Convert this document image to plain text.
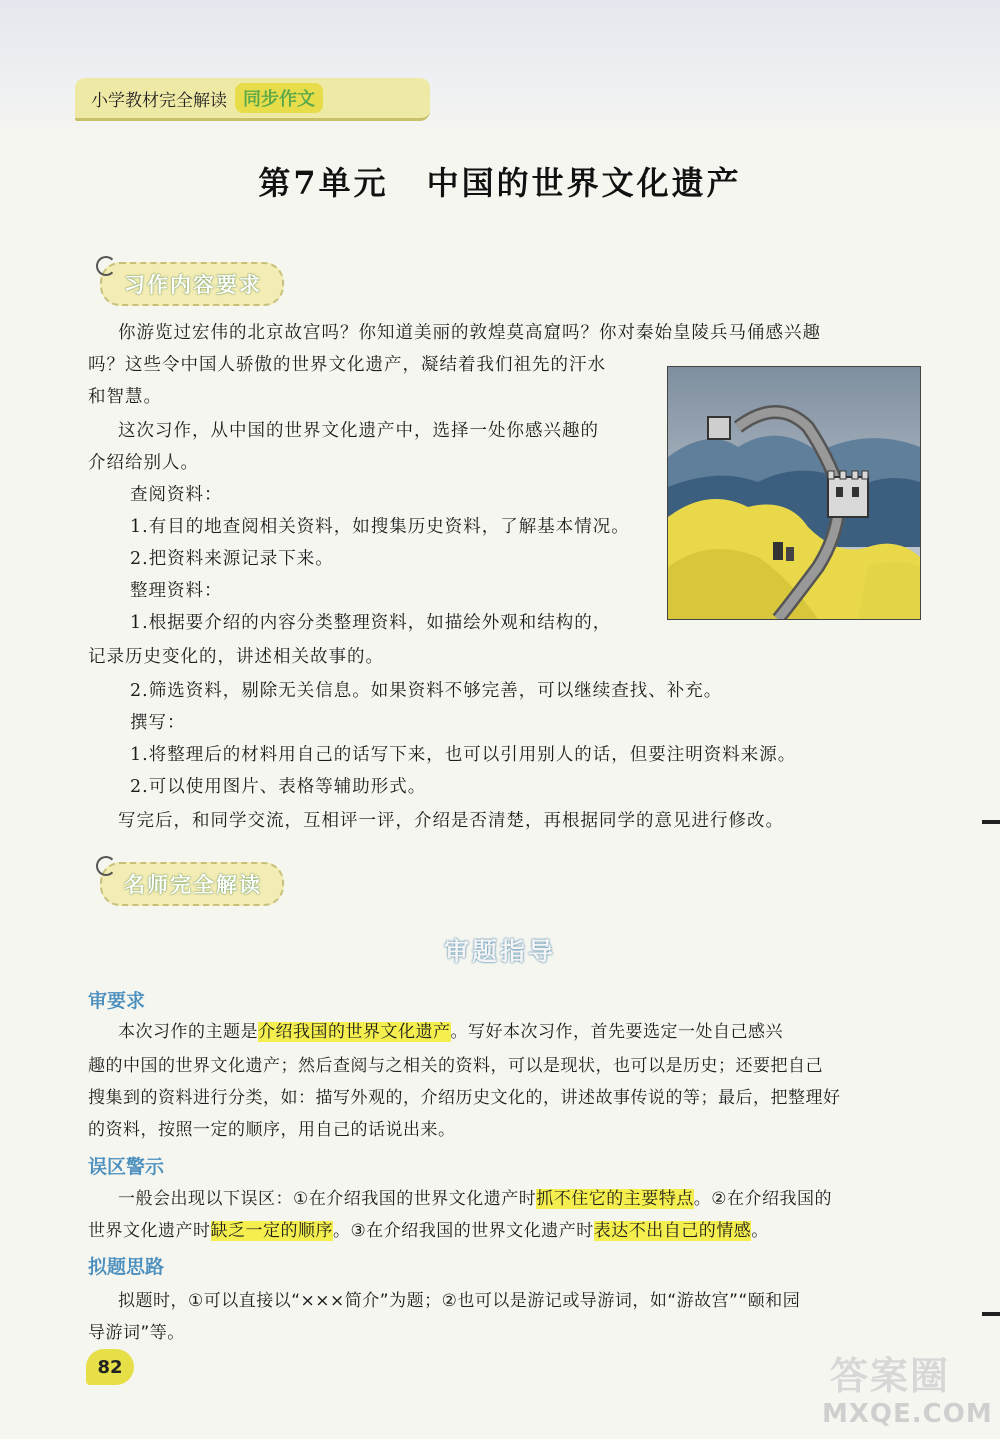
小学教材完全解读 同步作文
第7单元 中国的世界文化遗产
习作内容要求

你游览过宏伟的北京故宫吗？你知道美丽的敦煌莫高窟吗？你对秦始皇陵兵马俑感兴趣

吗？这些令中国人骄傲的世界文化遗产，凝结着我们祖先的汗水

和智慧。

这次习作，从中国的世界文化遗产中，选择一处你感兴趣的

介绍给别人。

查阅资料：

1.有目的地查阅相关资料，如搜集历史资料，了解基本情况。

2.把资料来源记录下来。

整理资料：

1.根据要介绍的内容分类整理资料，如描绘外观和结构的，

记录历史变化的，讲述相关故事的。

2.筛选资料，剔除无关信息。如果资料不够完善，可以继续查找、补充。

撰写：

1.将整理后的材料用自己的话写下来，也可以引用别人的话，但要注明资料来源。

2.可以使用图片、表格等辅助形式。

写完后，和同学交流，互相评一评，介绍是否清楚，再根据同学的意见进行修改。

名师完全解读
审题指导
审要求

本次习作的主题是介绍我国的世界文化遗产。写好本次习作，首先要选定一处自己感兴

趣的中国的世界文化遗产；然后查阅与之相关的资料，可以是现状，也可以是历史；还要把自己

搜集到的资料进行分类，如：描写外观的，介绍历史文化的，讲述故事传说的等；最后，把整理好

的资料，按照一定的顺序，用自己的话说出来。

误区警示

一般会出现以下误区：①在介绍我国的世界文化遗产时抓不住它的主要特点。②在介绍我国的

世界文化遗产时缺乏一定的顺序。③在介绍我国的世界文化遗产时表达不出自己的情感。

拟题思路

拟题时，①可以直接以“×××简介”为题；②也可以是游记或导游词，如“游故宫”“颐和园

导游词”等。

82	答案圈
MXQE.COM
